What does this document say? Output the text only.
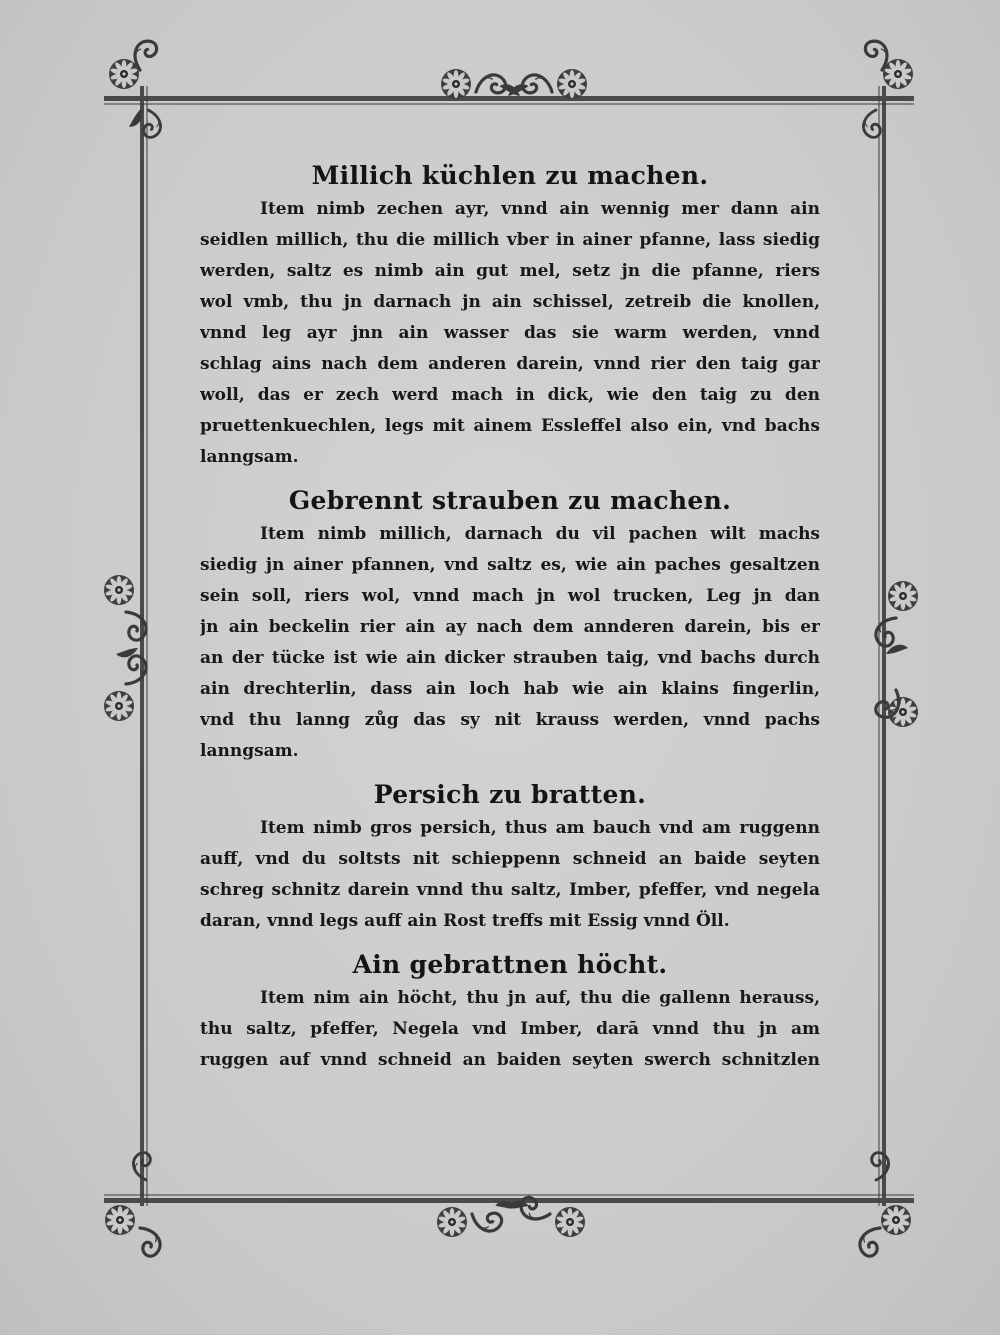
Millich küchlen zu machen.
Item nimb zechen ayr, vnnd ain wennig mer dann ain
seidlen millich, thu die millich vber in ainer pfanne, lass siedig
werden, saltz es nimb ain gut mel, setz jn die pfanne, riers
wol vmb, thu jn darnach jn ain schissel, zetreib die knollen,
vnnd leg ayr jnn ain wasser das sie warm werden, vnnd
schlag ains nach dem anderen darein, vnnd rier den taig gar
woll, das er zech werd mach in dick, wie den taig zu den
pruettenkuechlen, legs mit ainem Essleffel also ein, vnd bachs
lanngsam.
Gebrennt strauben zu machen.
Item nimb millich, darnach du vil pachen wilt machs
siedig jn ainer pfannen, vnd saltz es, wie ain paches gesaltzen
sein soll, riers wol, vnnd mach jn wol trucken, Leg jn dan
jn ain beckelin rier ain ay nach dem annderen darein, bis er
an der tücke ist wie ain dicker strauben taig, vnd bachs durch
ain drechterlin, dass ain loch hab wie ain klains fingerlin,
vnd thu lanng zůg das sy nit krauss werden, vnnd pachs
lanngsam.
Persich zu bratten.
Item nimb gros persich, thus am bauch vnd am ruggenn
auff, vnd du soltsts nit schieppenn schneid an baide seyten
schreg schnitz darein vnnd thu saltz, Imber, pfeffer, vnd negela
daran, vnnd legs auff ain Rost treffs mit Essig vnnd Öll.
Ain gebrattnen höcht.
Item nim ain höcht, thu jn auf, thu die gallenn herauss,
thu saltz, pfeffer, Negela vnd Imber, darā vnnd thu jn am
ruggen auf vnnd schneid an baiden seyten swerch schnitzlen
